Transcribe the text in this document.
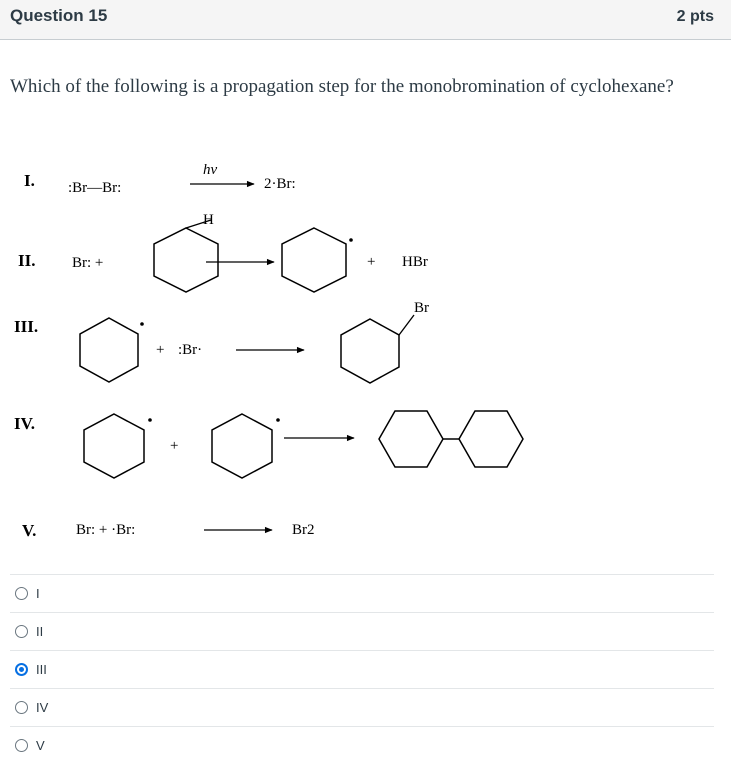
Question 15	2 pts
Which of the following is a propagation step for the monobromination of cyclohexane?
I. :Br—Br:
hv
2·Br:
II. Br: +
H
+ HBr
III.
+ :Br·
Br
IV.
+
V.	Br: + ·Br:	Br2
I
II
III
IV
V
